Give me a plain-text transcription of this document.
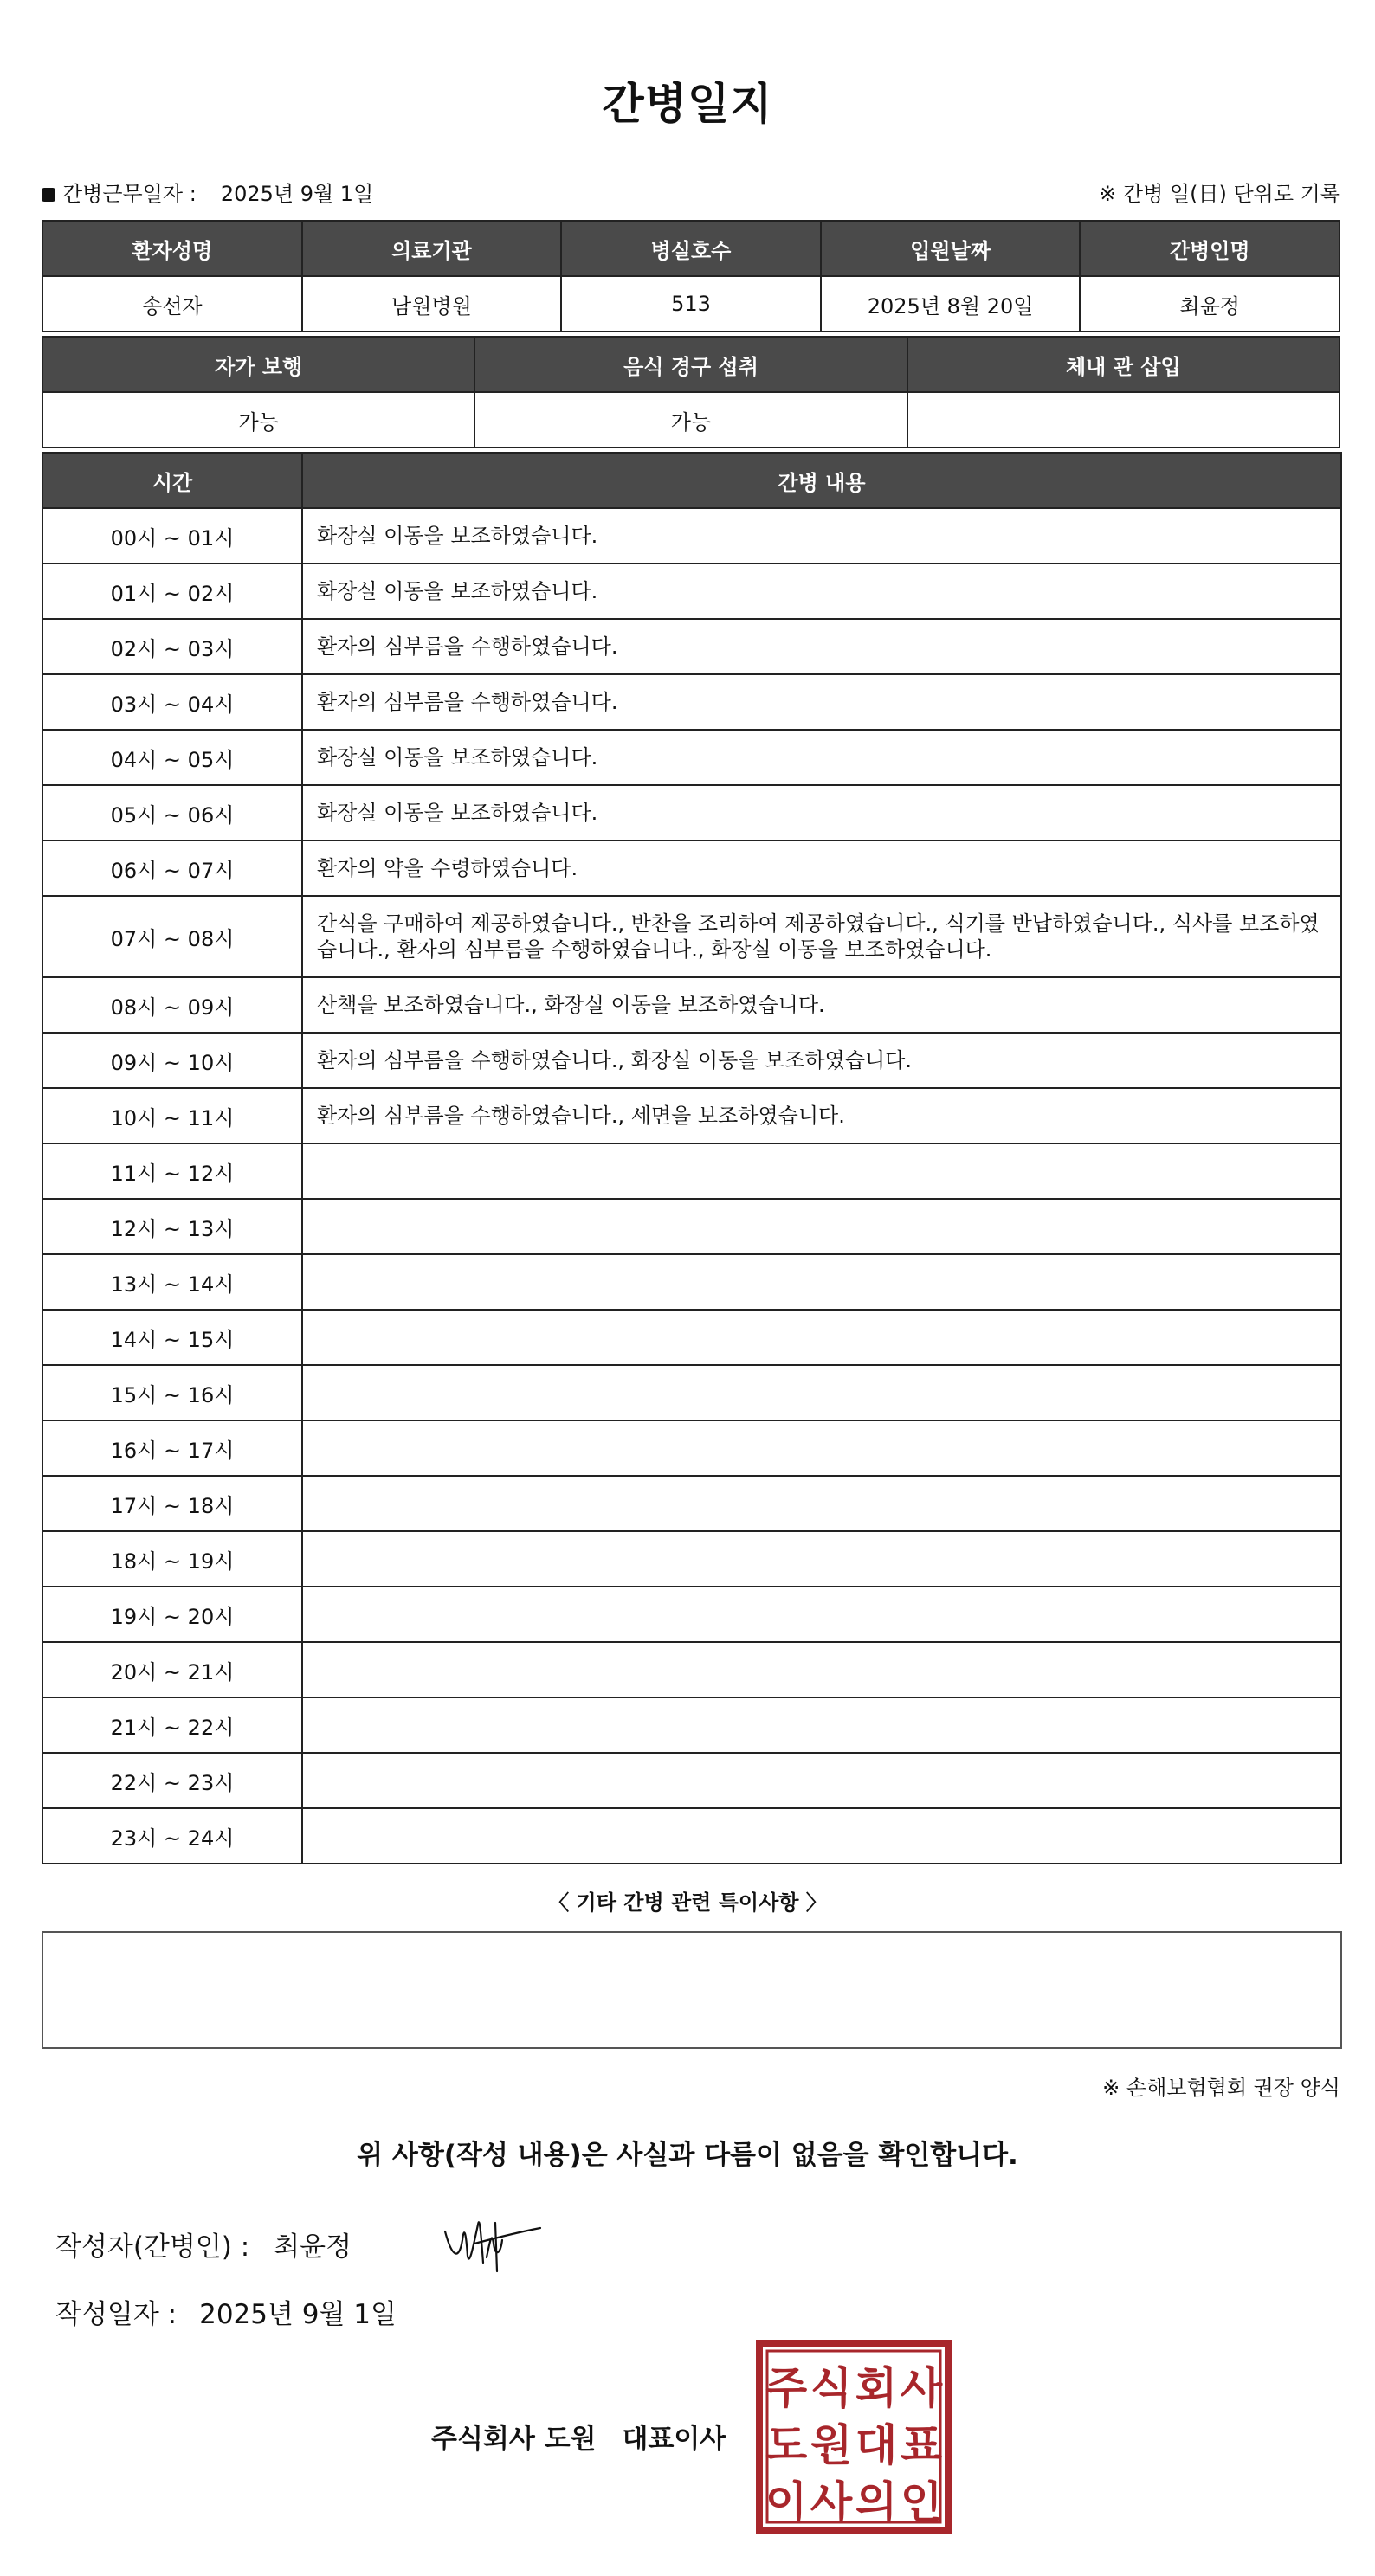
간병일지
간병근무일자 : 2025년 9월 1일	※ 간병 일(日) 단위로 기록
환자성명	의료기관	병실호수	입원날짜	간병인명
송선자	남원병원	513	2025년 8월 20일	최윤정
자가 보행	음식 경구 섭취	체내 관 삽입
가능	가능	
시간	간병 내용
00시 ~ 01시	화장실 이동을 보조하였습니다.
01시 ~ 02시	화장실 이동을 보조하였습니다.
02시 ~ 03시	환자의 심부름을 수행하였습니다.
03시 ~ 04시	환자의 심부름을 수행하였습니다.
04시 ~ 05시	화장실 이동을 보조하였습니다.
05시 ~ 06시	화장실 이동을 보조하였습니다.
06시 ~ 07시	환자의 약을 수령하였습니다.
07시 ~ 08시	간식을 구매하여 제공하였습니다., 반찬을 조리하여 제공하였습니다., 식기를 반납하였습니다., 식사를 보조하였습니다., 환자의 심부름을 수행하였습니다., 화장실 이동을 보조하였습니다.
08시 ~ 09시	산책을 보조하였습니다., 화장실 이동을 보조하였습니다.
09시 ~ 10시	환자의 심부름을 수행하였습니다., 화장실 이동을 보조하였습니다.
10시 ~ 11시	환자의 심부름을 수행하였습니다., 세면을 보조하였습니다.
11시 ~ 12시	
12시 ~ 13시	
13시 ~ 14시	
14시 ~ 15시	
15시 ~ 16시	
16시 ~ 17시	
17시 ~ 18시	
18시 ~ 19시	
19시 ~ 20시	
20시 ~ 21시	
21시 ~ 22시	
22시 ~ 23시	
23시 ~ 24시	
〈 기타 간병 관련 특이사항 〉
※ 손해보험협회 권장 양식
위 사항(작성 내용)은 사실과 다름이 없음을 확인합니다.
작성자(간병인) : 최윤정
작성일자 : 2025년 9월 1일
주식회사 도원 대표이사
주 식 회 사
도 원 대 표
이 사 의 인
